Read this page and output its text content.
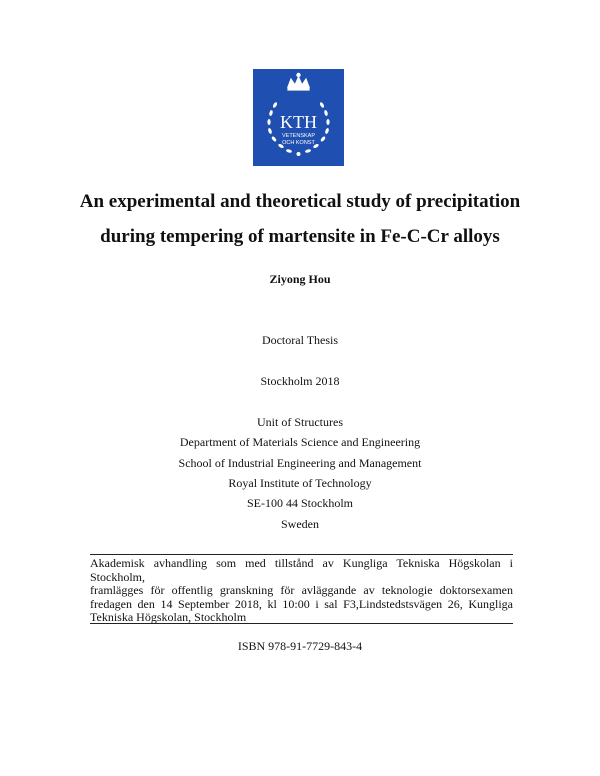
KTH
VETENSKAP
OCH KONST
An experimental and theoretical study of precipitation
during tempering of martensite in Fe-C-Cr alloys
Ziyong Hou
Doctoral Thesis
Stockholm 2018
Unit of Structures
Department of Materials Science and Engineering
School of Industrial Engineering and Management
Royal Institute of Technology
SE-100 44 Stockholm
Sweden
Akademisk avhandling som med tillstånd av Kungliga Tekniska Högskolan i Stockholm,
framlägges för offentlig granskning för avläggande av teknologie doktorsexamen
fredagen den 14 September 2018, kl 10:00 i sal F3,Lindstedstsvägen 26, Kungliga
Tekniska Högskolan, Stockholm
ISBN 978-91-7729-843-4
